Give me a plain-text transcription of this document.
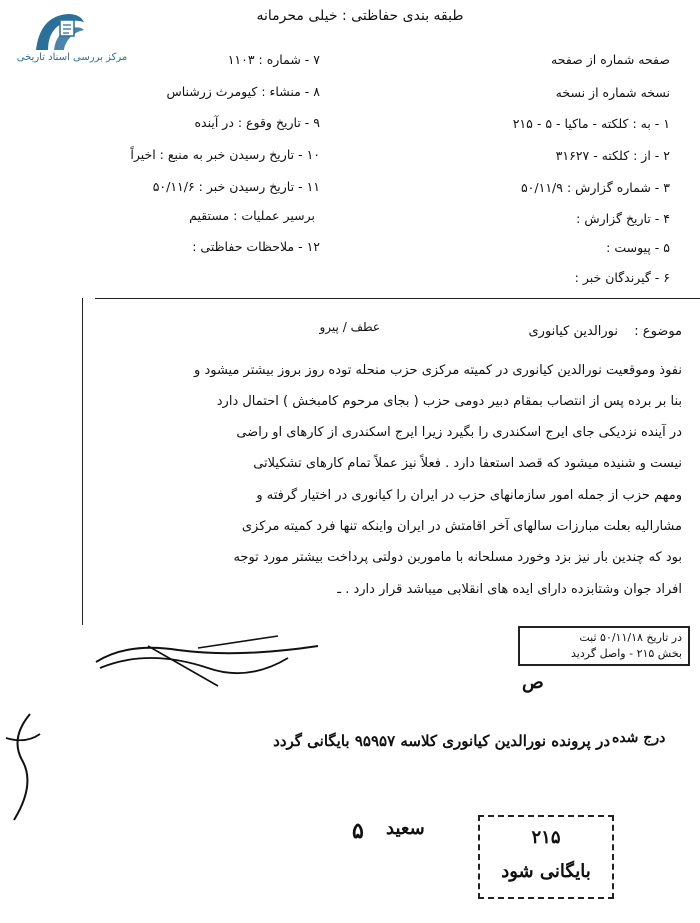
مرکز بررسی اسناد تاریخی
طبقه بندی حفاظتی : خیلی محرمانه
صفحه شماره از صفحه
نسخه شماره از نسخه
۱ - به : کلکته - ماکیا - ۵ - ۲۱۵
۲ - از : کلکته - ۳۱۶۲۷
۳ - شماره گزارش : ۵۰/۱۱/۹
۴ - تاریخ گزارش :
۵ - پیوست :
۶ - گیرندگان خبر :
۷ - شماره : ۱۱۰۳
۸ - منشاء : کیومرث زرشناس
۹ - تاریخ وقوع : در آینده
۱۰ - تاریخ رسیدن خبر به منبع : اخیراً
۱۱ - تاریخ رسیدن خبر : ۵۰/۱۱/۶
برسیر عملیات : مستقیم
۱۲ - ملاحظات حفاظتی :
موضوع :
نورالدین کیانوری
عطف / پیرو
نفوذ وموقعیت نورالدین کیانوری در کمیته مرکزی حزب منحله توده روز بروز بیشتر میشود و
بنا بر برده پس از انتصاب بمقام دبیر دومی حزب ( بجای مرحوم کامبخش ) احتمال دارد
در آینده نزدیکی جای ایرج اسکندری را بگیرد زیرا ایرج اسکندری از کارهای او راضی
نیست و شنیده میشود که قصد استعفا دارد . فعلاً نیز عملاً تمام کارهای تشکیلاتی
ومهم حزب از جمله امور سازمانهای حزب در ایران را کیانوری در اختیار گرفته و
مشارالیه بعلت مبارزات سالهای آخر اقامتش در ایران واینکه تنها فرد کمیته مرکزی
بود که چندین بار نیز بزد وخورد مسلحانه با ماموربن دولتی پرداخت بیشتر مورد توجه
افراد جوان وشتابزده دارای ایده های انقلابی میباشد قرار دارد . ـ
در تاریخ ۵۰/۱۱/۱۸ ثبت
بخش ۲۱۵ - واصل گردید
ص
در پرونده نورالدین کیانوری کلاسه ۹۵۹۵۷ بایگانی گردد درج شده
۵ سعید	۲۱۵
بایگانی شود
